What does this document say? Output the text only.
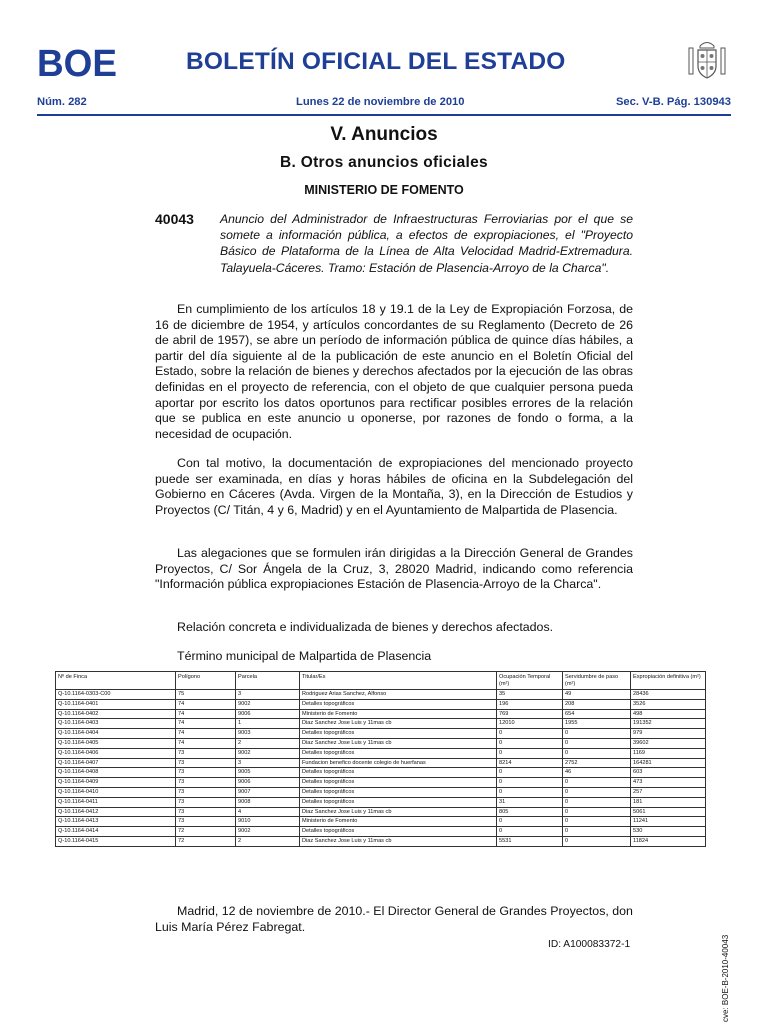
BOE	BOLETÍN OFICIAL DEL ESTADO
Núm. 282	Lunes 22 de noviembre de 2010	Sec. V-B. Pág. 130943
V. Anuncios
B. Otros anuncios oficiales
MINISTERIO DE FOMENTO
40043 Anuncio del Administrador de Infraestructuras Ferroviarias por el que se somete a información pública, a efectos de expropiaciones, el "Proyecto Básico de Plataforma de la Línea de Alta Velocidad Madrid-Extremadura. Talayuela-Cáceres. Tramo: Estación de Plasencia-Arroyo de la Charca".
En cumplimiento de los artículos 18 y 19.1 de la Ley de Expropiación Forzosa, de 16 de diciembre de 1954, y artículos concordantes de su Reglamento (Decreto de 26 de abril de 1957), se abre un período de información pública de quince días hábiles, a partir del día siguiente al de la publicación de este anuncio en el Boletín Oficial del Estado, sobre la relación de bienes y derechos afectados por la ejecución de las obras definidas en el proyecto de referencia, con el objeto de que cualquier persona pueda aportar por escrito los datos oportunos para rectificar posibles errores de la relación que se publica en este anuncio u oponerse, por razones de fondo o forma, a la necesidad de ocupación.
Con tal motivo, la documentación de expropiaciones del mencionado proyecto puede ser examinada, en días y horas hábiles de oficina en la Subdelegación del Gobierno en Cáceres (Avda. Virgen de la Montaña, 3), en la Dirección de Estudios y Proyectos (C/ Titán, 4 y 6, Madrid) y en el Ayuntamiento de Malpartida de Plasencia.
Las alegaciones que se formulen irán dirigidas a la Dirección General de Grandes Proyectos, C/ Sor Ángela de la Cruz, 3, 28020 Madrid, indicando como referencia "Información pública expropiaciones Estación de Plasencia-Arroyo de la Charca".
Relación concreta e individualizada de bienes y derechos afectados.
Término municipal de Malpartida de Plasencia
Nº de Finca	Polígono	Parcela	Titular/Es	Ocupación Temporal (m²)	Servidumbre de paso (m²)	Expropiación definitiva (m²)
Q-10.1164-0303-C00	75	3	Rodriguez Arias Sanchez, Alfonso	35	49	28436
Q-10.1164-0401	74	9002	Detalles topográficos	196	208	3526
Q-10.1164-0402	74	9006	Ministerio de Fomento	769	654	498
Q-10.1164-0403	74	1	Diaz Sanchez Jose Luis y 11mas cb	12010	1955	191352
Q-10.1164-0404	74	9003	Detalles topográficos	0	0	979
Q-10.1164-0405	74	2	Diaz Sanchez Jose Luis y 11mas cb	0	0	39602
Q-10.1164-0406	73	9002	Detalles topográficos	0	0	1169
Q-10.1164-0407	73	3	Fundacion benefico docente colegio de huerfanas	8214	2752	164281
Q-10.1164-0408	73	9005	Detalles topográficos	0	46	603
Q-10.1164-0409	73	9006	Detalles topográficos	0	0	473
Q-10.1164-0410	73	9007	Detalles topográficos	0	0	257
Q-10.1164-0411	73	9008	Detalles topográficos	31	0	181
Q-10.1164-0412	73	4	Diaz Sanchez Jose Luis y 11mas cb	805	0	5061
Q-10.1164-0413	73	9010	Ministerio de Fomento	0	0	11241
Q-10.1164-0414	72	9002	Detalles topográficos	0	0	530
Q-10.1164-0415	72	2	Diaz Sanchez Jose Luis y 11mas cb	5531	0	11824
Madrid, 12 de noviembre de 2010.- El Director General de Grandes Proyectos, don Luis María Pérez Fabregat.
ID: A100083372-1	cve: BOE-B-2010-40043
